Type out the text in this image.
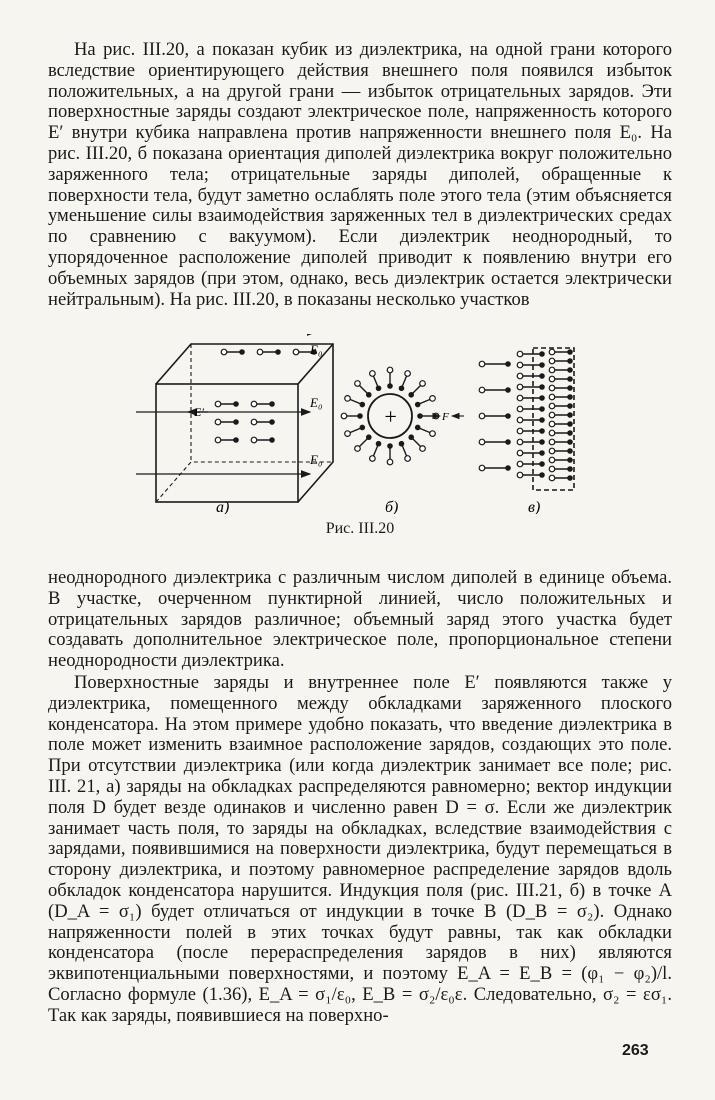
На рис. III.20, а показан кубик из диэлектрика, на одной грани которого вследствие ориентирующего действия внешнего поля появился избыток положительных, а на другой грани — избыток отрицательных зарядов. Эти поверхностные заряды создают электрическое поле, напряженность которого E′ внутри кубика направлена против напряженности внешнего поля E₀. На рис. III.20, б показана ориентация диполей диэлектрика вокруг положительно заряженного тела; отрицательные заряды диполей, обращенные к поверхности тела, будут заметно ослаблять поле этого тела (этим объясняется уменьшение силы взаимодействия заряженных тел в диэлектрических средах по сравнению с вакуумом). Если диэлектрик неоднородный, то упорядоченное расположение диполей приводит к появлению внутри его объемных зарядов (при этом, однако, весь диэлектрик остается электрически нейтральным). На рис. III.20, в показаны несколько участков

E₀
E₀
E₀
E′	+	F
а)	б)	в)
Рис. III.20

неоднородного диэлектрика с различным числом диполей в единице объема. В участке, очерченном пунктирной линией, число положительных и отрицательных зарядов различное; объемный заряд этого участка будет создавать дополнительное электрическое поле, пропорциональное степени неоднородности диэлектрика.

Поверхностные заряды и внутреннее поле E′ появляются также у диэлектрика, помещенного между обкладками заряженного плоского конденсатора. На этом примере удобно показать, что введение диэлектрика в поле может изменить взаимное расположение зарядов, создающих это поле. При отсутствии диэлектрика (или когда диэлектрик занимает все поле; рис. III. 21, а) заряды на обкладках распределяются равномерно; вектор индукции поля D будет везде одинаков и численно равен D = σ. Если же диэлектрик занимает часть поля, то заряды на обкладках, вследствие взаимодействия с зарядами, появившимися на поверхности диэлектрика, будут перемещаться в сторону диэлектрика, и поэтому равномерное распределение зарядов вдоль обкладок конденсатора нарушится. Индукция поля (рис. III.21, б) в точке A (D_A = σ₁) будет отличаться от индукции в точке B (D_B = σ₂). Однако напряженности полей в этих точках будут равны, так как обкладки конденсатора (после перераспределения зарядов в них) являются эквипотенциальными поверхностями, и поэтому E_A = E_B = (φ₁ − φ₂)/l. Согласно формуле (1.36), E_A = σ₁/ε₀, E_B = σ₂/ε₀ε. Следовательно, σ₂ = εσ₁. Так как заряды, появившиеся на поверхно-

263
